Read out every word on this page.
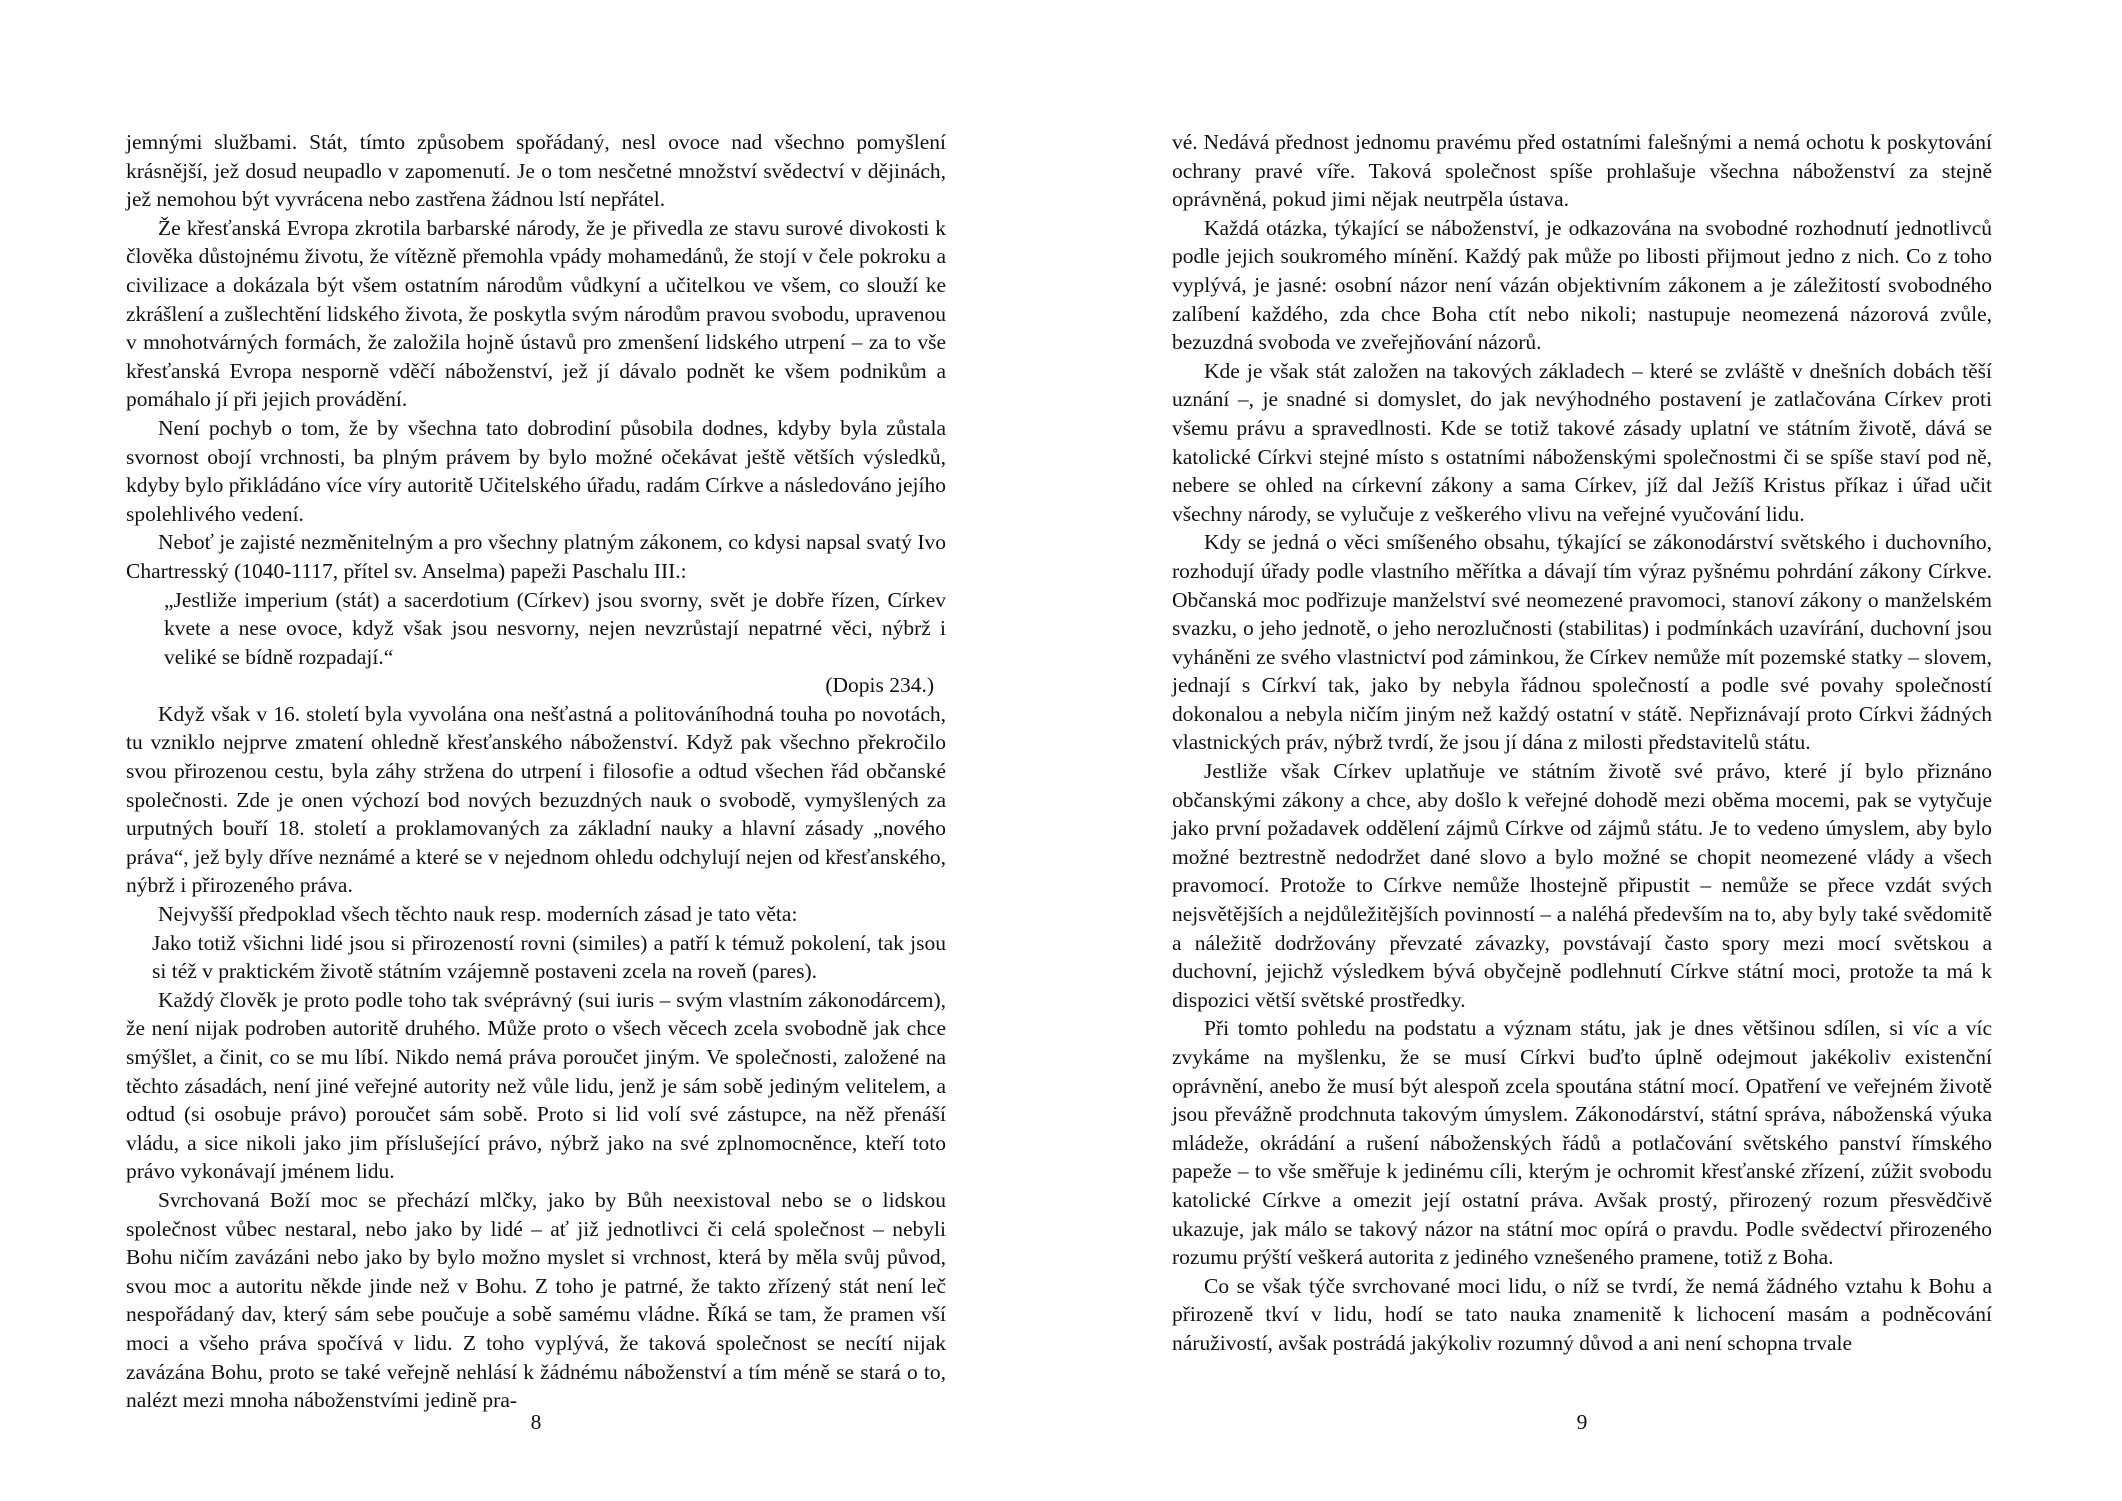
jemnými službami. Stát, tímto způsobem spořádaný, nesl ovoce nad všechno pomyšlení krásnější, jež dosud neupadlo v zapomenutí. Je o tom nesčetné množství svědectví v dějinách, jež nemohou být vyvrácena nebo zastřena žádnou lstí nepřátel.

Že křesťanská Evropa zkrotila barbarské národy, že je přivedla ze stavu surové divokosti k člověka důstojnému životu, že vítězně přemohla vpády mohamedánů, že stojí v čele pokroku a civilizace a dokázala být všem ostatním národům vůdkyní a učitelkou ve všem, co slouží ke zkrášlení a zušlechtění lidského života, že poskytla svým národům pravou svobodu, upravenou v mnohotvárných formách, že založila hojně ústavů pro zmenšení lidského utrpení – za to vše křesťanská Evropa nesporně vděčí náboženství, jež jí dávalo podnět ke všem podnikům a pomáhalo jí při jejich provádění.

Není pochyb o tom, že by všechna tato dobrodiní působila dodnes, kdyby byla zůstala svornost obojí vrchnosti, ba plným právem by bylo možné očekávat ještě větších výsledků, kdyby bylo přikládáno více víry autoritě Učitelského úřadu, radám Církve a následováno jejího spolehlivého vedení.

Neboť je zajisté nezměnitelným a pro všechny platným zákonem, co kdysi napsal svatý Ivo Chartresský (1040-1117, přítel sv. Anselma) papeži Paschalu III.:

„Jestliže imperium (stát) a sacerdotium (Církev) jsou svorny, svět je dobře řízen, Církev kvete a nese ovoce, když však jsou nesvorny, nejen nevzrůstají nepatrné věci, nýbrž i veliké se bídně rozpadají.“

(Dopis 234.)

Když však v 16. století byla vyvolána ona nešťastná a politováníhodná touha po novotách, tu vzniklo nejprve zmatení ohledně křesťanského náboženství. Když pak všechno překročilo svou přirozenou cestu, byla záhy stržena do utrpení i filosofie a odtud všechen řád občanské společnosti. Zde je onen výchozí bod nových bezuzdných nauk o svobodě, vymyšlených za urputných bouří 18. století a proklamovaných za základní nauky a hlavní zásady „nového práva“, jež byly dříve neznámé a které se v nejednom ohledu odchylují nejen od křesťanského, nýbrž i přirozeného práva.

Nejvyšší předpoklad všech těchto nauk resp. moderních zásad je tato věta:

Jako totiž všichni lidé jsou si přirozeností rovni (similes) a patří k témuž pokolení, tak jsou si též v praktickém životě státním vzájemně postaveni zcela na roveň (pares).

Každý člověk je proto podle toho tak svéprávný (sui iuris – svým vlastním zákonodárcem), že není nijak podroben autoritě druhého. Může proto o všech věcech zcela svobodně jak chce smýšlet, a činit, co se mu líbí. Nikdo nemá práva poroučet jiným. Ve společnosti, založené na těchto zásadách, není jiné veřejné autority než vůle lidu, jenž je sám sobě jediným velitelem, a odtud (si osobuje právo) poroučet sám sobě. Proto si lid volí své zástupce, na něž přenáší vládu, a sice nikoli jako jim příslušející právo, nýbrž jako na své zplnomocněnce, kteří toto právo vykonávají jménem lidu.

Svrchovaná Boží moc se přechází mlčky, jako by Bůh neexistoval nebo se o lidskou společnost vůbec nestaral, nebo jako by lidé – ať již jednotlivci či celá společnost – nebyli Bohu ničím zavázáni nebo jako by bylo možno myslet si vrchnost, která by měla svůj původ, svou moc a autoritu někde jinde než v Bohu. Z toho je patrné, že takto zřízený stát není leč nespořádaný dav, který sám sebe poučuje a sobě samému vládne. Říká se tam, že pramen vší moci a všeho práva spočívá v lidu. Z toho vyplývá, že taková společnost se necítí nijak zavázána Bohu, proto se také veřejně nehlásí k žádnému náboženství a tím méně se stará o to, nalézt mezi mnoha náboženstvími jedině pra-

8

vé. Nedává přednost jednomu pravému před ostatními falešnými a nemá ochotu k poskytování ochrany pravé víře. Taková společnost spíše prohlašuje všechna náboženství za stejně oprávněná, pokud jimi nějak neutrpěla ústava.

Každá otázka, týkající se náboženství, je odkazována na svobodné rozhodnutí jednotlivců podle jejich soukromého mínění. Každý pak může po libosti přijmout jedno z nich. Co z toho vyplývá, je jasné: osobní názor není vázán objektivním zákonem a je záležitostí svobodného zalíbení každého, zda chce Boha ctít nebo nikoli; nastupuje neomezená názorová zvůle, bezuzdná svoboda ve zveřejňování názorů.

Kde je však stát založen na takových základech – které se zvláště v dnešních dobách těší uznání –, je snadné si domyslet, do jak nevýhodného postavení je zatlačována Církev proti všemu právu a spravedlnosti. Kde se totiž takové zásady uplatní ve státním životě, dává se katolické Církvi stejné místo s ostatními náboženskými společnostmi či se spíše staví pod ně, nebere se ohled na církevní zákony a sama Církev, jíž dal Ježíš Kristus příkaz i úřad učit všechny národy, se vylučuje z veškerého vlivu na veřejné vyučování lidu.

Kdy se jedná o věci smíšeného obsahu, týkající se zákonodárství světského i duchovního, rozhodují úřady podle vlastního měřítka a dávají tím výraz pyšnému pohrdání zákony Církve. Občanská moc podřizuje manželství své neomezené pravomoci, stanoví zákony o manželském svazku, o jeho jednotě, o jeho nerozlučnosti (stabilitas) i podmínkách uzavírání, duchovní jsou vyháněni ze svého vlastnictví pod záminkou, že Církev nemůže mít pozemské statky – slovem, jednají s Církví tak, jako by nebyla řádnou společností a podle své povahy společností dokonalou a nebyla ničím jiným než každý ostatní v státě. Nepřiznávají proto Církvi žádných vlastnických práv, nýbrž tvrdí, že jsou jí dána z milosti představitelů státu.

Jestliže však Církev uplatňuje ve státním životě své právo, které jí bylo přiznáno občanskými zákony a chce, aby došlo k veřejné dohodě mezi oběma mocemi, pak se vytyčuje jako první požadavek oddělení zájmů Církve od zájmů státu. Je to vedeno úmyslem, aby bylo možné beztrestně nedodržet dané slovo a bylo možné se chopit neomezené vlády a všech pravomocí. Protože to Církve nemůže lhostejně připustit – nemůže se přece vzdát svých nejsvětějších a nejdůležitějších povinností – a naléhá především na to, aby byly také svědomitě a náležitě dodržovány převzaté závazky, povstávají často spory mezi mocí světskou a duchovní, jejichž výsledkem bývá obyčejně podlehnutí Církve státní moci, protože ta má k dispozici větší světské prostředky.

Při tomto pohledu na podstatu a význam státu, jak je dnes většinou sdílen, si víc a víc zvykáme na myšlenku, že se musí Církvi buďto úplně odejmout jakékoliv existenční oprávnění, anebo že musí být alespoň zcela spoutána státní mocí. Opatření ve veřejném životě jsou převážně prodchnuta takovým úmyslem. Zákonodárství, státní správa, náboženská výuka mládeže, okrádání a rušení náboženských řádů a potlačování světského panství římského papeže – to vše směřuje k jedinému cíli, kterým je ochromit křesťanské zřízení, zúžit svobodu katolické Církve a omezit její ostatní práva. Avšak prostý, přirozený rozum přesvědčivě ukazuje, jak málo se takový názor na státní moc opírá o pravdu. Podle svědectví přirozeného rozumu prýští veškerá autorita z jediného vznešeného pramene, totiž z Boha.

Co se však týče svrchované moci lidu, o níž se tvrdí, že nemá žádného vztahu k Bohu a přirozeně tkví v lidu, hodí se tato nauka znamenitě k lichocení masám a podněcování náruživostí, avšak postrádá jakýkoliv rozumný důvod a ani není schopna trvale

9
